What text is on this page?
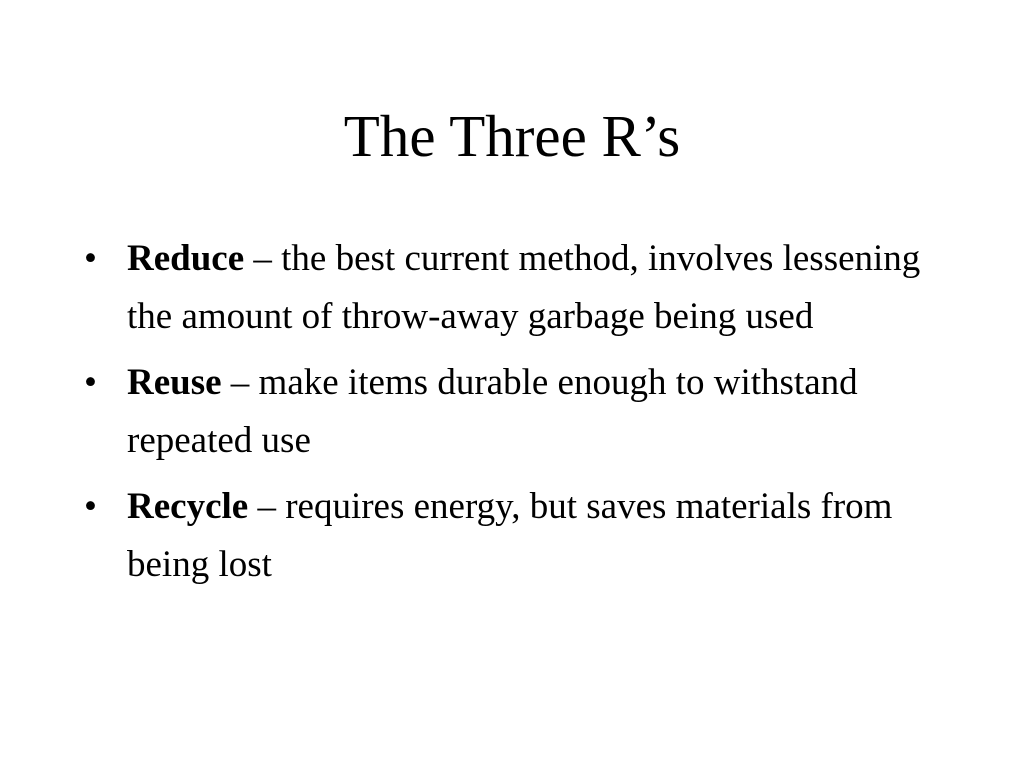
The Three R’s
• Reduce – the best current method, involves lessening the amount of throw-away garbage being used
• Reuse – make items durable enough to withstand repeated use
• Recycle – requires energy, but saves materials from being lost
